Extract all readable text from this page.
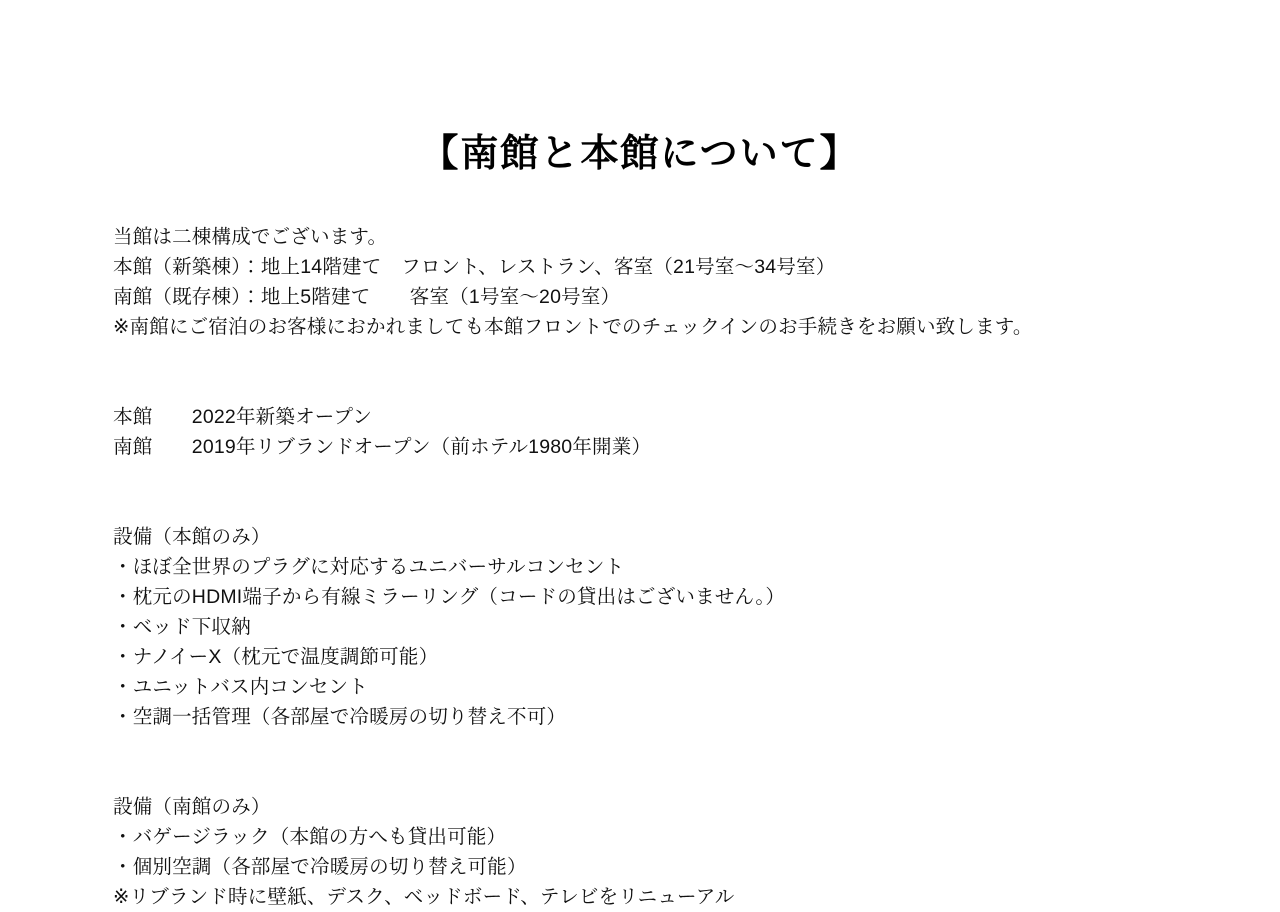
【南館と本館について】
当館は二棟構成でございます。
本館（新築棟）：地上14階建て　フロント、レストラン、客室（21号室〜34号室）
南館（既存棟）：地上5階建て　　客室（1号室〜20号室）
※南館にご宿泊のお客様におかれましても本館フロントでのチェックインのお手続きをお願い致します。
本館　　2022年新築オープン
南館　　2019年リブランドオープン（前ホテル1980年開業）
設備（本館のみ）
・ほぼ全世界のプラグに対応するユニバーサルコンセント
・枕元のHDMI端子から有線ミラーリング（コードの貸出はございません。）
・ベッド下収納
・ナノイーX（枕元で温度調節可能）
・ユニットバス内コンセント
・空調一括管理（各部屋で冷暖房の切り替え不可）
設備（南館のみ）
・バゲージラック（本館の方へも貸出可能）
・個別空調（各部屋で冷暖房の切り替え可能）
※リブランド時に壁紙、デスク、ベッドボード、テレビをリニューアル
